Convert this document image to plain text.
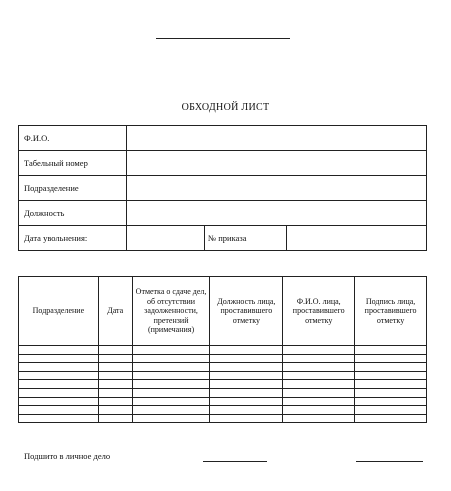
ОБХОДНОЙ ЛИСТ
Ф.И.О.			
Табельный номер			
Подразделение			
Должность			
Дата увольнения:		№ приказа	
Подразделение	Дата	Отметка о сдаче дел, об отсутствии задолженности, претензий (примечания)	Должность лица, проставившего отметку	Ф.И.О. лица, проставившего отметку	Подпись лица, проставившего отметку

Подшито в личное дело
